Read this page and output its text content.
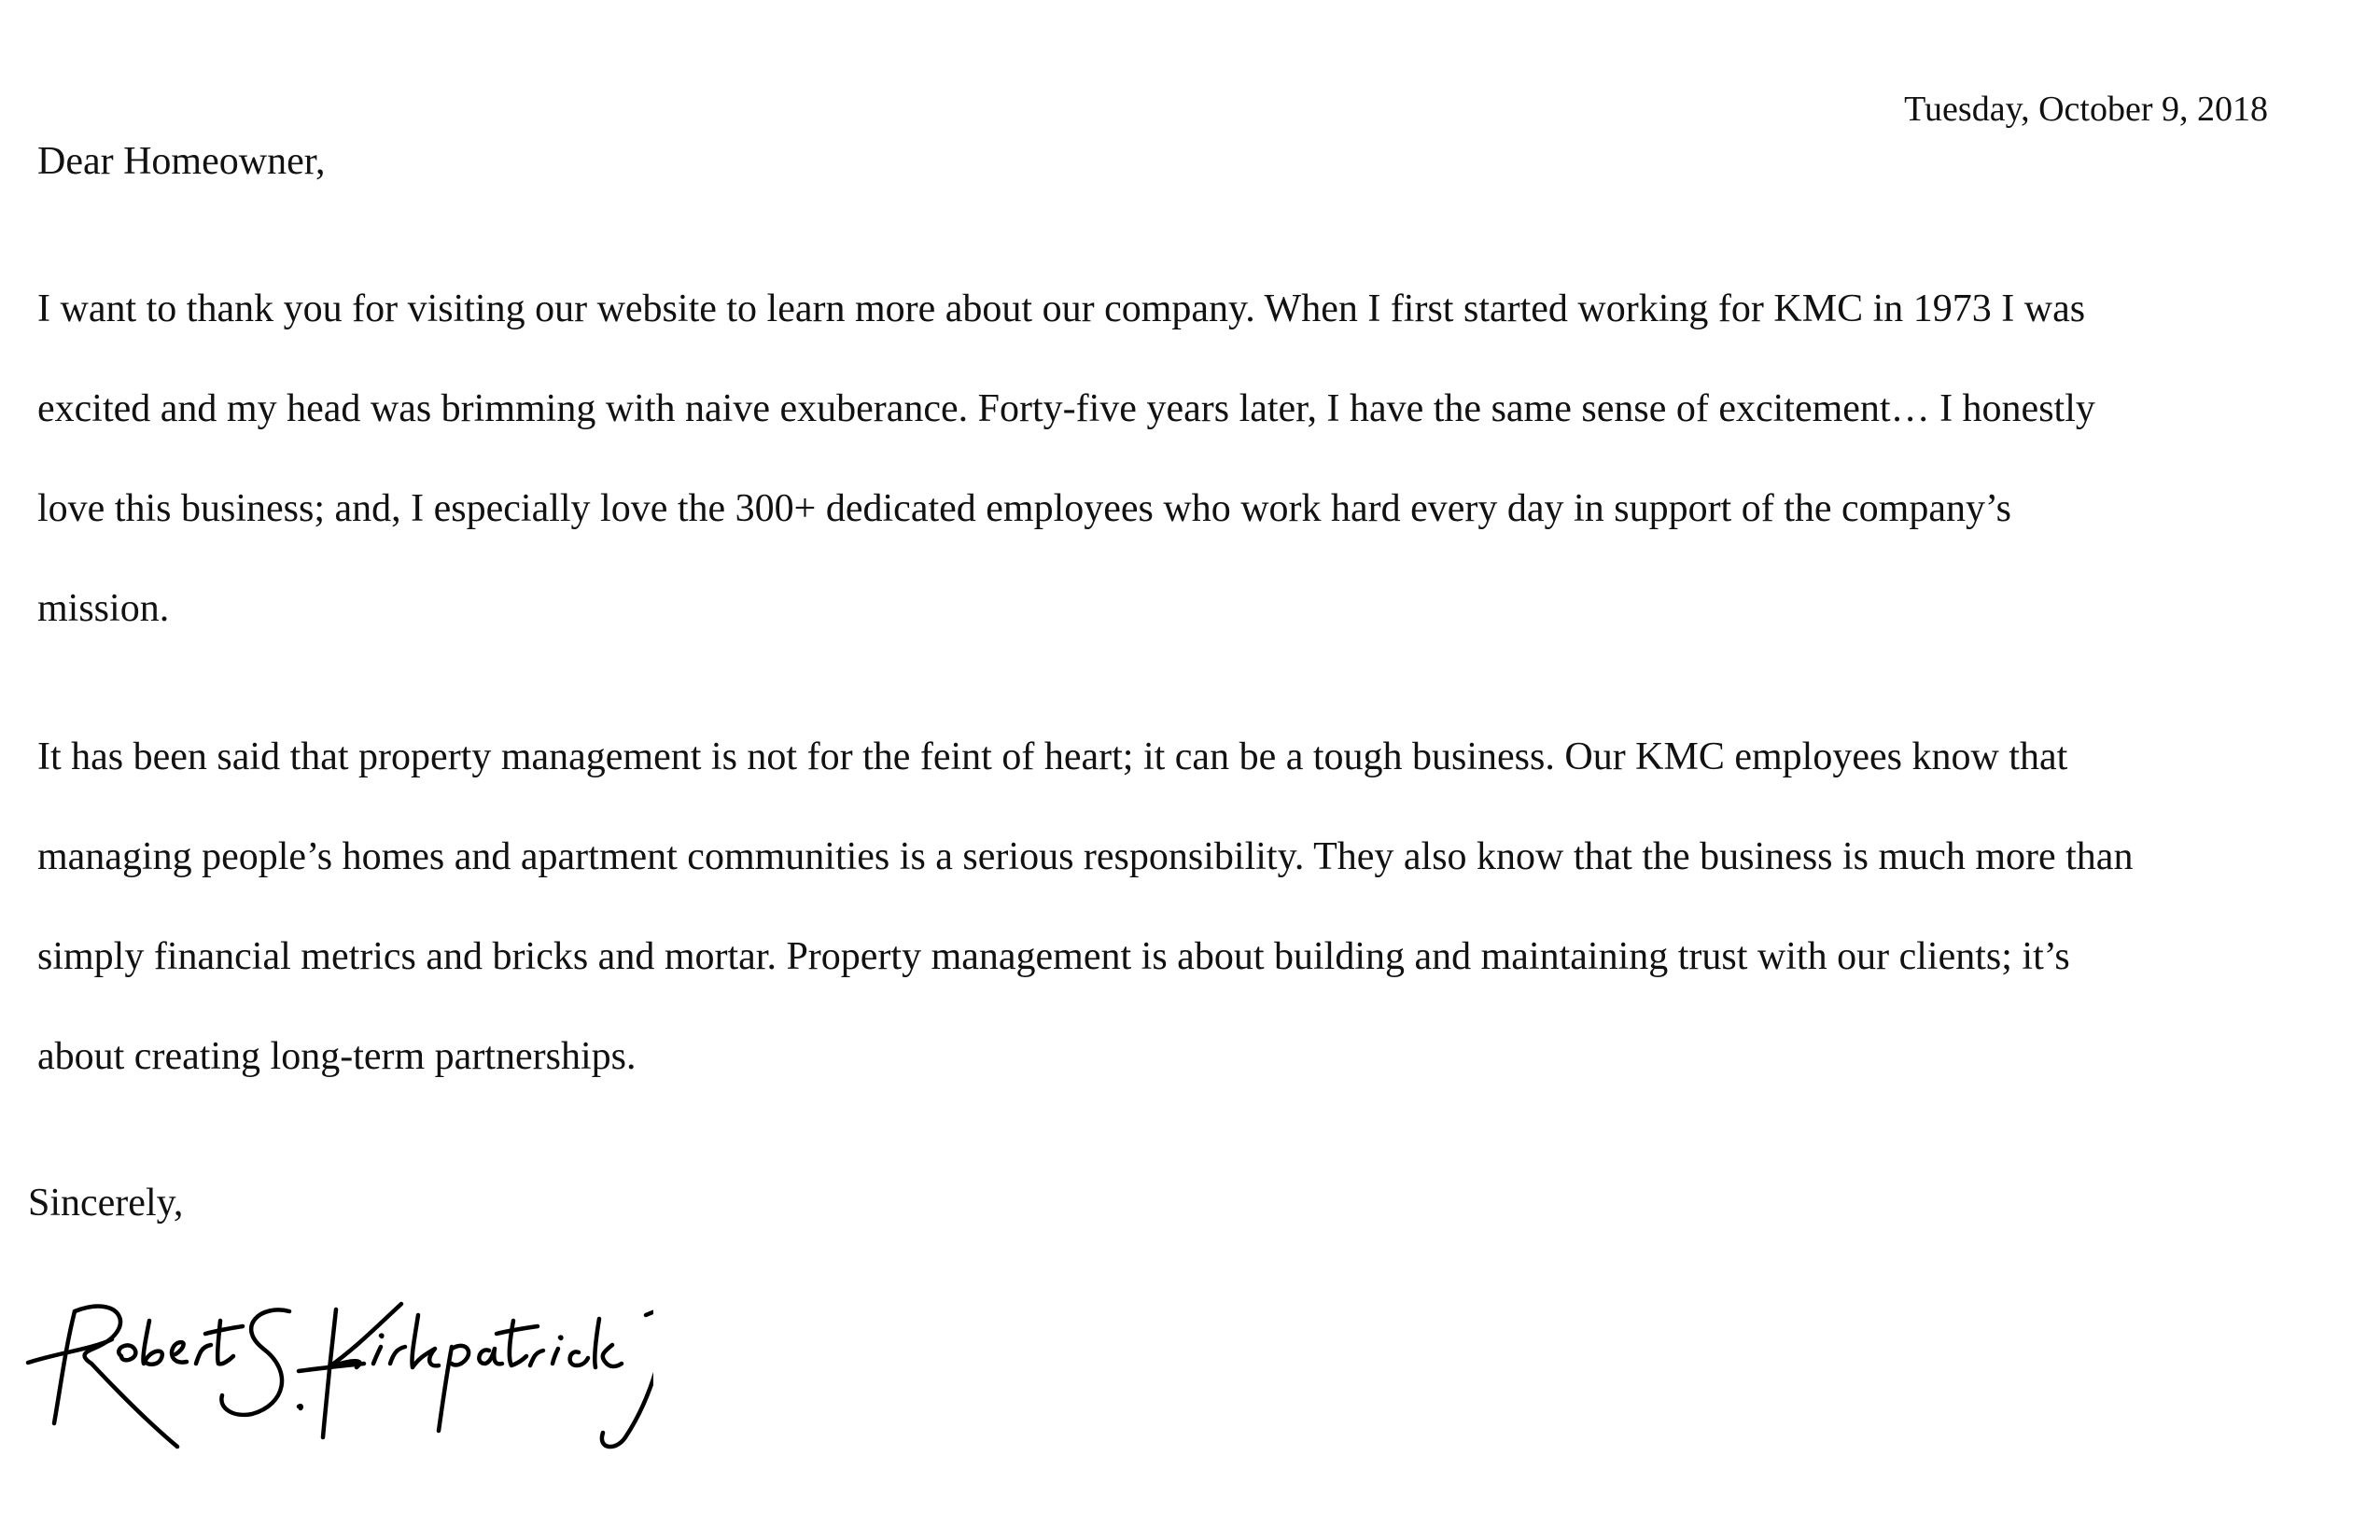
Tuesday, October 9, 2018
Dear Homeowner,
I want to thank you for visiting our website to learn more about our company. When I first started working for KMC in 1973 I was
excited and my head was brimming with naive exuberance. Forty-five years later, I have the same sense of excitement… I honestly
love this business; and, I especially love the 300+ dedicated employees who work hard every day in support of the company’s
mission.
It has been said that property management is not for the feint of heart; it can be a tough business. Our KMC employees know that
managing people’s homes and apartment communities is a serious responsibility. They also know that the business is much more than
simply financial metrics and bricks and mortar. Property management is about building and maintaining trust with our clients; it’s
about creating long-term partnerships.
Sincerely,
